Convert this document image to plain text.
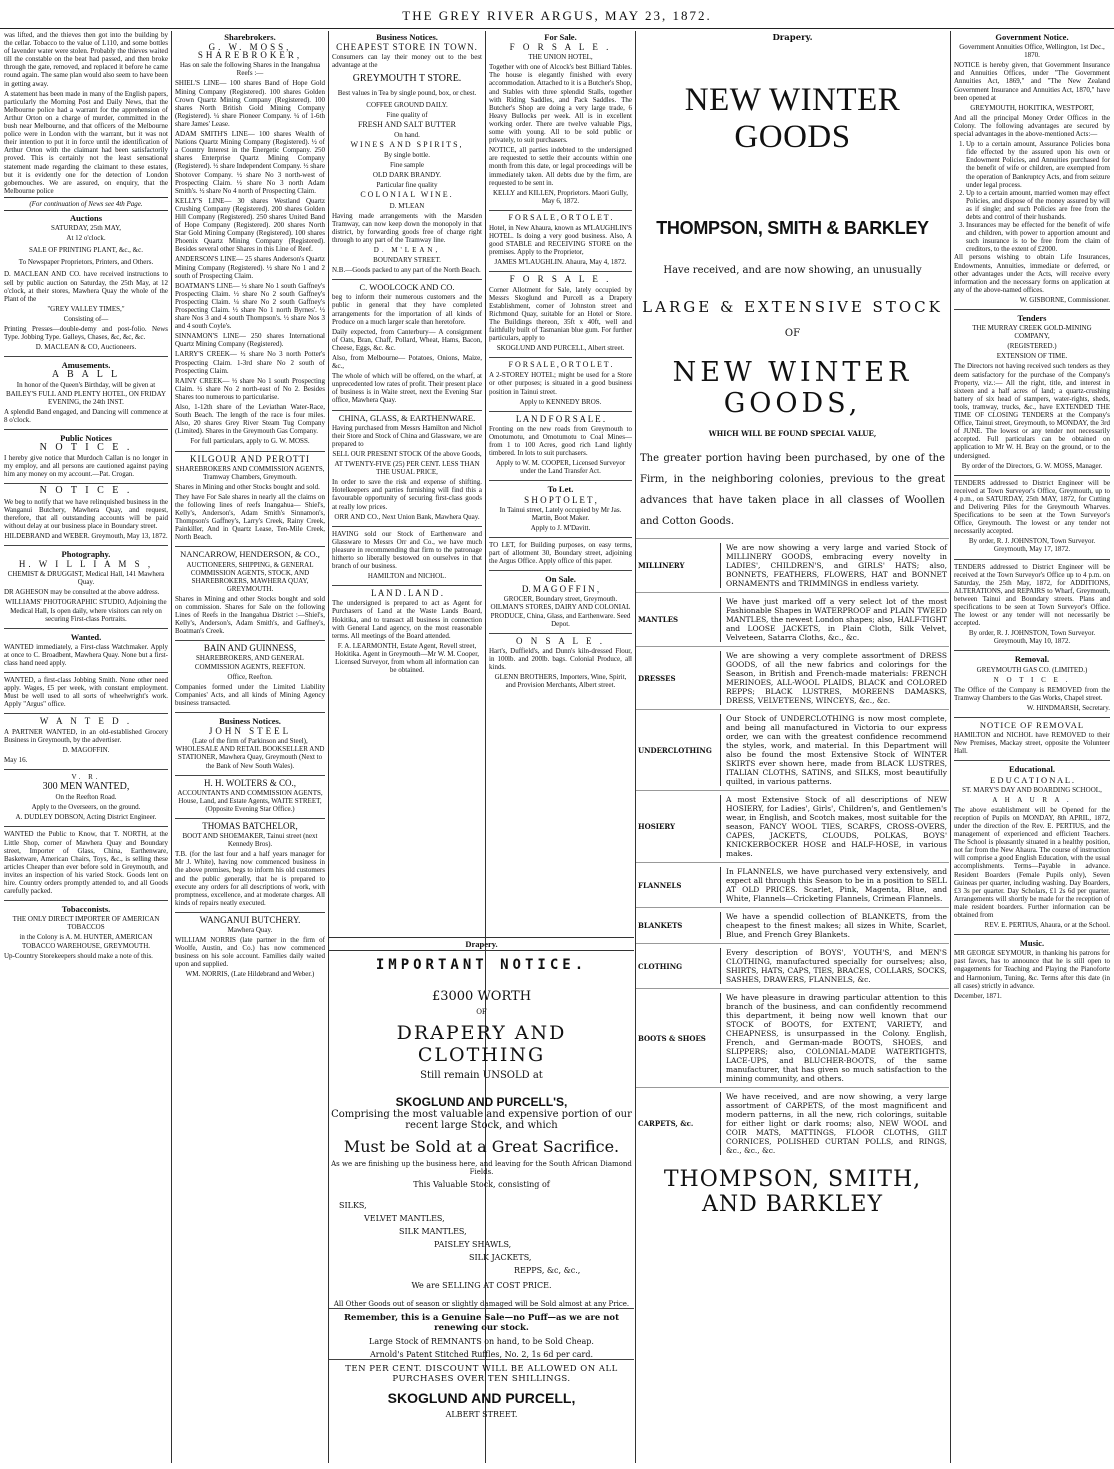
THE GREY RIVER ARGUS, MAY 23, 1872.

was lifted, and the thieves then got into the building by the cellar. Tobacco to the value of L110, and some bottles of lavender water were stolen. Probably the thieves waited till the constable on the beat had passed, and then broke through the gate, removed, and replaced it before he came round again. The same plan would also seem to have been in getting away.

A statement has been made in many of the English papers, particularly the Morning Post and Daily News, that the Melbourne police had a warrant for the apprehension of Arthur Orton on a charge of murder, committed in the bush near Melbourne, and that officers of the Melbourne police were in London with the warrant, but it was not their intention to put it in force until the identification of Arthur Orton with the claimant had been satisfactorily proved. This is certainly not the least sensational statement made regarding the claimant to these estates, but it is evidently one for the detection of London gobemouches. We are assured, on enquiry, that the Melbourne police

(For continuation of News see 4th Page.

Auctions

SATURDAY, 25th MAY,

At 12 o'clock.

SALE OF PRINTING PLANT, &c., &c.

To Newspaper Proprietors, Printers, and Others.

D. MACLEAN AND CO. have received instructions to sell by public auction on Saturday, the 25th May, at 12 o'clock, at their stores, Mawhera Quay the whole of the Plant of the

"GREY VALLEY TIMES,"

Consisting of—

Printing Presses—double-demy and post-folio. News Type. Jobbing Type. Galleys, Chases, &c, &c, &c.

D. MACLEAN & CO, Auctioneers.

Amusements.

A B A L L

In honor of the Queen's Birthday, will be given at BAILEY'S FULL AND PLENTY HOTEL, ON FRIDAY EVENING, the 24th INST.

A splendid Band engaged, and Dancing will commence at 8 o'clock.

Public Notices

N O T I C E .

I hereby give notice that Murdoch Callan is no longer in my employ, and all persons are cautioned against paying him any money on my account.—Pat. Crogan.

N O T I C E .

We beg to notify that we have relinquished business in the Wanganui Butchery, Mawhera Quay, and request, therefore, that all outstanding accounts will be paid without delay at our business place in Boundary street.

HILDEBRAND and WEBER. Greymouth, May 13, 1872.

Photography.

H. W I L L I A M S ,

CHEMIST & DRUGGIST, Medical Hall, 141 Mawhera Quay.

DR AGHESON may be consulted at the above address.

WILLIAMS' PHOTOGRAPHIC STUDIO, Adjoining the Medical Hall, Is open daily, where visitors can rely on securing First-class Portraits.

Wanted.

WANTED immediately, a First-class Watchmaker. Apply at once to C. Broadbent, Mawhera Quay. None but a first-class hand need apply.

WANTED, a first-class Jobbing Smith. None other need apply. Wages, £5 per week, with constant employment. Must be well used to all sorts of wheelwright's work. Apply "Argus" office.

W A N T E D .

A PARTNER WANTED, in an old-established Grocery Business in Greymouth, by the advertiser.

D. MAGOFFIN.

May 16.

V. R.

300 MEN WANTED,

On the Reefton Road.

Apply to the Overseers, on the ground.

A. DUDLEY DOBSON, Acting District Engineer.

WANTED the Public to Know, that T. NORTH, at the Little Shop, corner of Mawhera Quay and Boundary street, Importer of Glass, China, Earthenware, Basketware, American Chairs, Toys, &c., is selling these articles Cheaper than ever before sold in Greymouth, and invites an inspection of his varied Stock. Goods lent on hire. Country orders promptly attended to, and all Goods carefully packed.

Tobacconists.

THE ONLY DIRECT IMPORTER OF AMERICAN TOBACCOS

in the Colony is A. M. HUNTER, AMERICAN TOBACCO WAREHOUSE, GREYMOUTH.

Up-Country Storekeepers should make a note of this.

Sharebrokers.

G. W. MOSS, SHAREBROKER,

Has on sale the following Shares in the Inangahua Reefs :—

SHIEL'S LINE— 100 shares Band of Hope Gold Mining Company (Registered). 100 shares Golden Crown Quartz Mining Company (Registered). 100 shares North British Gold Mining Company (Registered). ¼ share Pioneer Company. ¼ of 1-6th share James' Lease.

ADAM SMITH'S LINE— 100 shares Wealth of Nations Quartz Mining Company (Registered). ½ of a Country Interest in the Energetic Company. 250 shares Enterprise Quartz Mining Company (Registered). ½ share Independent Company. ½ share Shotover Company. ½ share No 3 north-west of Prospecting Claim. ½ share No 3 north Adam Smith's. ½ share No 4 north of Prospecting Claim.

KELLY'S LINE— 30 shares Westland Quartz Crushing Company (Registered). 200 shares Golden Hill Company (Registered). 250 shares United Band of Hope Company (Registered). 200 shares North Star Gold Mining Company (Registered). 100 shares Phoenix Quartz Mining Company (Registered). Besides several other Shares in this Line of Reef.

ANDERSON'S LINE— 25 shares Anderson's Quartz Mining Company (Registered). ½ share No 1 and 2 south of Prospecting Claim.

BOATMAN'S LINE— ½ share No 1 south Gaffney's Prospecting Claim. ½ share No 2 south Gaffney's Prospecting Claim. ¼ share No 2 south Gaffney's Prospecting Claim. ½ share No 1 north Byrnes'. ½ share Nos 3 and 4 south Thompson's. ½ share Nos 3 and 4 south Coyle's.

SINNAMON'S LINE— 250 shares International Quartz Mining Company (Registered).

LARRY'S CREEK— ½ share No 3 north Potter's Prospecting Claim. 1-3rd share No 2 south of Prospecting Claim.

RAINY CREEK— ½ share No 1 south Prospecting Claim. ½ share No 2 north-east of No 2. Besides Shares too numerous to particularise.

Also, 1-12th share of the Leviathan Water-Race, South Beach. The length of the race is four miles. Also, 20 shares Grey River Steam Tug Company (Limited). Shares in the Greymouth Gas Company.

For full particulars, apply to G. W. MOSS.

KILGOUR AND PEROTTI

SHAREBROKERS AND COMMISSION AGENTS, Tramway Chambers, Greymouth.

Shares in Mining and other Stocks bought and sold.

They have For Sale shares in nearly all the claims on the following lines of reefs Inangahua— Shiel's, Kelly's, Anderson's, Adam Smith's Sinnamon's, Thompson's Gaffney's, Larry's Creek, Rainy Creek, Painkiller, And in Quartz Lease, Ten-Mile Creek, North Beach.

NANCARROW, HENDERSON, & CO.,

AUCTIONEERS, SHIPPING, & GENERAL COMMISSION AGENTS, STOCK, AND SHAREBROKERS, MAWHERA QUAY, GREYMOUTH.

Shares in Mining and other Stocks bought and sold on commission. Shares for Sale on the following Lines of Reefs in the Inangahua District :—Shiel's, Kelly's, Anderson's, Adam Smith's, and Gaffney's, Boatman's Creek.

BAIN AND GUINNESS,

SHAREBROKERS, AND GENERAL COMMISSION AGENTS, REEFTON.

Office, Reefton.

Companies formed under the Limited Liability Companies' Acts, and all kinds of Mining Agency business transacted.

Business Notices.

JOHN STEEL

(Late of the firm of Parkinson and Steel), WHOLESALE AND RETAIL BOOKSELLER AND STATIONER, Mawhera Quay, Greymouth (Next to the Bank of New South Wales).

H. H. WOLTERS & CO.,

ACCOUNTANTS AND COMMISSION AGENTS, House, Land, and Estate Agents, WAITE STREET, (Opposite Evening Star Office.)

THOMAS BATCHELOR,

BOOT AND SHOEMAKER, Tainui street (next Kennedy Bros).

T.B. (for the last four and a half years manager for Mr J. White), having now commenced business in the above premises, begs to inform his old customers and the public generally, that he is prepared to execute any orders for all descriptions of work, with promptness, excellence, and at moderate charges. All kinds of repairs neatly executed.

WANGANUI BUTCHERY.

Mawhera Quay.

WILLIAM NORRIS (late partner in the firm of Woolfe, Austin, and Co.) has now commenced business on his sole account. Families daily waited upon and supplied.

WM. NORRIS, (Late Hildebrand and Weber.)

Business Notices.

CHEAPEST STORE IN TOWN.

Consumers can lay their money out to the best advantage at the

GREYMOUTH T STORE.

Best values in Tea by single pound, box, or chest.

COFFEE GROUND DAILY.

Fine quality of

FRESH AND SALT BUTTER

On hand.

WINES AND SPIRITS,

By single bottle.

Fine sample

OLD DARK BRANDY.

Particular fine quality

COLONIAL WINE.

D. M'LEAN

Having made arrangements with the Marsden Tramway, can now keep down the monopoly in that district, by forwarding goods free of charge right through to any part of the Tramway line.

D. M'LEAN,

BOUNDARY STREET.

N.B.—Goods packed to any part of the North Beach.

C. WOOLCOCK AND CO.

beg to inform their numerous customers and the public in general that they have completed arrangements for the importation of all kinds of Produce on a much larger scale than heretofore.

Daily expected, from Canterbury— A consignment of Oats, Bran, Chaff, Pollard, Wheat, Hams, Bacon, Cheese, Eggs, &c. &c.

Also, from Melbourne— Potatoes, Onions, Maize, &c.,

The whole of which will be offered, on the wharf, at unprecedented low rates of profit. Their present place of business is in Waite street, next the Evening Star office, Mawhera Quay.

CHINA, GLASS, & EARTHENWARE.

Having purchased from Messrs Hamilton and Nichol their Store and Stock of China and Glassware, we are prepared to

SELL OUR PRESENT STOCK Of the above Goods,

AT TWENTY-FIVE (25) PER CENT. LESS THAN THE USUAL PRICE,

In order to save the risk and expense of shifting. Hotelkeepers and parties furnishing will find this a favourable opportunity of securing first-class goods at really low prices.

ORR AND CO., Next Union Bank, Mawhera Quay.

HAVING sold our Stock of Earthenware and Glassware to Messrs Orr and Co., we have much pleasure in recommending that firm to the patronage hitherto so liberally bestowed on ourselves in that branch of our business.

HAMILTON and NICHOL.

L A N D . L A N D .

The undersigned is prepared to act as Agent for Purchasers of Land at the Waste Lands Board, Hokitika, and to transact all business in connection with General Land agency, on the most reasonable terms. All meetings of the Board attended.

F. A. LEARMONTH, Estate Agent, Revell street, Hokitika. Agent in Greymouth—Mr W. M. Cooper, Licensed Surveyor, from whom all information can be obtained.

For Sale.

F O R S A L E .

THE UNION HOTEL,

Together with one of Alcock's best Billiard Tables. The house is elegantly finished with every accommodation. Attached to it is a Butcher's Shop, and Stables with three splendid Stalls, together with Riding Saddles, and Pack Saddles. The Butcher's Shop are doing a very large trade, 6 Heavy Bullocks per week. All is in excellent working order. There are twelve valuable Pigs, some with young. All to be sold public or privately, to suit purchasers.

NOTICE, all parties indebted to the undersigned are requested to settle their accounts within one month from this date, or legal proceedings will be immediately taken. All debts due by the firm, are requested to be sent in.

KELLY and KILLEN, Proprietors. Maori Gully, May 6, 1872.

F O R S A L E , O R T O L E T .

Hotel, in New Ahaura, known as M'LAUGHLIN'S HOTEL. Is doing a very good business. Also, A good STABLE and RECEIVING STORE on the premises. Apply to the Proprietor,

JAMES M'LAUGHLIN. Ahaura, May 4, 1872.

F O R S A L E .

Corner Allotment for Sale, lately occupied by Messrs Skoglund and Purcell as a Drapery Establishment, corner of Johnston street and Richmond Quay, suitable for an Hotel or Store. The Buildings thereon, 35ft x 40ft, well and faithfully built of Tasmanian blue gum. For further particulars, apply to

SKOGLUND AND PURCELL, Albert street.

F O R S A L E , O R T O L E T .

A 2-STOREY HOTEL; might be used for a Store or other purposes; is situated in a good business position in Tainui street.

Apply to KENNEDY BROS.

L A N D F O R S A L E .

Fronting on the new roads from Greymouth to Omotumotu, and Omotumotu to Coal Mines—from 1 to 100 Acres, good rich Land lightly timbered. In lots to suit purchasers.

Apply to W. M. COOPER, Licensed Surveyor under the Land Transfer Act.

To Let.

S H O P T O L E T ,

In Tainui street, Lately occupied by Mr Jas. Martin, Boot Maker.

Apply to J. M'Davitt.

TO LET, for Building purposes, on easy terms, part of allotment 30, Boundary street, adjoining the Argus Office. Apply office of this paper.

On Sale.

D. M A G O F F I N ,

GROCER, Boundary street, Greymouth. OILMAN'S STORES, DAIRY AND COLONIAL PRODUCE, China, Glass, and Earthenware. Seed Depot.

O N S A L E .

Hart's, Duffield's, and Dunn's kiln-dressed Flour, in 100lb. and 200lb. bags. Colonial Produce, all kinds.

GLENN BROTHERS, Importers, Wine, Spirit, and Provision Merchants, Albert street.

Drapery.
IMPORTANT NOTICE.
£3000 WORTH
OF
DRAPERY AND CLOTHING
Still remain UNSOLD at
SKOGLUND AND PURCELL'S,
Comprising the most valuable and expensive portion of our recent large Stock, and which
Must be Sold at a Great Sacrifice.
As we are finishing up the business here, and leaving for the South African Diamond Fields.
This Valuable Stock, consisting of
SILKS,
VELVET MANTLES,
SILK MANTLES,
PAISLEY SHAWLS,
SILK JACKETS,
REPPS, &c, &c.,
We are SELLING AT COST PRICE.
All Other Goods out of season or slightly damaged will be Sold almost at any Price.
Remember, this is a Genuine Sale—no Puff—as we are not renewing our stock.
Large Stock of REMNANTS on hand, to be Sold Cheap.
Arnold's Patent Stitched Ruffles, No. 2, 1s 6d per card.
TEN PER CENT. DISCOUNT WILL BE ALLOWED ON ALL PURCHASES OVER TEN SHILLINGS.
SKOGLUND AND PURCELL,
ALBERT STREET.
Drapery.
NEW WINTER GOODS
THOMPSON, SMITH & BARKLEY
Have received, and are now showing, an unusually
LARGE & EXTENSIVE STOCK
OF
NEW WINTER GOODS,
WHICH WILL BE FOUND SPECIAL VALUE,
The greater portion having been purchased, by one of the Firm, in the neighboring colonies, previous to the great advances that have taken place in all classes of Woollen and Cotton Goods.
MILLINERY
We are now showing a very large and varied Stock of MILLINERY GOODS, embracing every novelty in LADIES', CHILDREN'S, and GIRLS' HATS; also, BONNETS, FEATHERS, FLOWERS, HAT and BONNET ORNAMENTS and TRIMMINGS in endless variety.
MANTLES
We have just marked off a very select lot of the most Fashionable Shapes in WATERPROOF and PLAIN TWEED MANTLES, the newest London shapes; also, HALF-TIGHT and LOOSE JACKETS, in Plain Cloth, Silk Velvet, Velveteen, Satarra Cloths, &c., &c.
DRESSES
We are showing a very complete assortment of DRESS GOODS, of all the new fabrics and colorings for the Season, in British and French-made materials: FRENCH MERINOES, ALL-WOOL PLAIDS, BLACK and COLORED REPPS; BLACK LUSTRES, MOREENS DAMASKS, DRESS, VELVETEENS, WINCEYS, &c., &c.
UNDERCLOTHING
Our Stock of UNDERCLOTHING is now most complete, and being all manufactured in Victoria to our express order, we can with the greatest confidence recommend the styles, work, and material. In this Department will also be found the most Extensive Stock of WINTER SKIRTS ever shown here, made from BLACK LUSTRES, ITALIAN CLOTHS, SATINS, and SILKS, most beautifully quilted, in various patterns.
HOSIERY
A most Extensive Stock of all descriptions of NEW HOSIERY, for Ladies', Girls', Children's, and Gentlemen's wear, in English, and Scotch makes, most suitable for the season, FANCY WOOL TIES, SCARFS, CROSS-OVERS, CAPES, JACKETS, CLOUDS, POLKAS, BOYS' KNICKERBOCKER HOSE and HALF-HOSE, in various makes.
FLANNELS
In FLANNELS, we have purchased very extensively, and expect all through this Season to be in a position to SELL AT OLD PRICES. Scarlet, Pink, Magenta, Blue, and White, Flannels—Cricketing Flannels, Crimean Flannels.
BLANKETS
We have a spendid collection of BLANKETS, from the cheapest to the finest makes; all sizes in White, Scarlet, Blue, and French Grey Blankets.
CLOTHING
Every description of BOYS', YOUTH'S, and MEN'S CLOTHING, manufactured specially for ourselves; also, SHIRTS, HATS, CAPS, TIES, BRACES, COLLARS, SOCKS, SASHES, DRAWERS, FLANNELS, &c.
BOOTS & SHOES
We have pleasure in drawing particular attention to this branch of the business, and can confidently recommend this department, it being now well known that our STOCK of BOOTS, for EXTENT, VARIETY, and CHEAPNESS, is unsurpassed in the Colony. English, French, and German-made BOOTS, SHOES, and SLIPPERS; also, COLONIAL-MADE WATERTIGHTS, LACE-UPS, and BLUCHER-BOOTS, of the same manufacturer, that has given so much satisfaction to the mining community, and others.
CARPETS, &c.
We have received, and are now showing, a very large assortment of CARPETS, of the most magnificent and modern patterns, in all the new, rich colorings, suitable for either light or dark rooms; also, NEW WOOL and COIR MATS, MATTINGS, FLOOR CLOTHS, GILT CORNICES, POLISHED CURTAN POLLS, and RINGS, &c., &c., &c.
THOMPSON, SMITH, AND BARKLEY
Government Notice.

Government Annuities Office, Wellington, 1st Dec., 1870.

NOTICE is hereby given, that Government Insurance and Annuities Offices, under "The Government Annuities Act, 1869," and "The New Zealand Government Insurance and Annuities Act, 1870," have been opened at

GREYMOUTH, HOKITIKA, WESTPORT,

And all the principal Money Order Offices in the Colony. The following advantages are secured by special advantages in the above-mentioned Acts:—

1. Up to a certain amount, Assurance Policies bona fide effected by the assured upon his own or Endowment Policies, and Annuities purchased for the benefit of wife or children, are exempted from the operation of Bankruptcy Acts, and from seizure under legal process.
2. Up to a certain amount, married women may effect Policies, and dispose of the money assured by will as if single; and such Policies are free from the debts and control of their husbands.
3. Insurances may be effected for the benefit of wife and children, with power to apportion amount and such insurance is to be free from the claim of creditors, to the extent of £2000.

All persons wishing to obtain Life Insurances, Endowments, Annuities, immediate or deferred, or other advantages under the Acts, will receive every information and the necessary forms on application at any of the above-named offices.

W. GISBORNE, Commissioner.

Tenders

THE MURRAY CREEK GOLD-MINING COMPANY,

(REGISTERED.)

EXTENSION OF TIME.

The Directors not having received such tenders as they deem satisfactory for the purchase of the Company's Property, viz.:— All the right, title, and interest in sixteen and a half acres of land; a quartz-crushing battery of six head of stampers, water-rights, sheds, tools, tramway, trucks, &c., have EXTENDED THE TIME OF CLOSING TENDERS at the Company's Office, Tainui street, Greymouth, to MONDAY, the 3rd of JUNE. The lowest or any tender not necessarily accepted. Full particulars can be obtained on application to Mr W. H. Bray on the ground, or to the undersigned.

By order of the Directors, G. W. MOSS, Manager.

TENDERS addressed to District Engineer will be received at Town Surveyor's Office, Greymouth, up to 4 p.m., on SATURDAY, 25th MAY, 1872, for Cutting and Delivering Piles for the Greymouth Wharves. Specifications to be seen at the Town Surveyor's Office, Greymouth. The lowest or any tender not necessarily accepted.

By order, R. J. JOHNSTON, Town Surveyor. Greymouth, May 17, 1872.

TENDERS addressed to District Engineer will be received at the Town Surveyor's Office up to 4 p.m. on Saturday, the 25th May, 1872, for ADDITIONS, ALTERATIONS, and REPAIRS to Wharf, Greymouth, between Tainui and Boundary streets. Plans and specifications to be seen at Town Surveyor's Office. The lowest or any tender will not necessarily be accepted.

By order, R. J. JOHNSTON, Town Surveyor. Greymouth, May 10, 1872.

Removal.

GREYMOUTH GAS CO. (LIMITED.)

N O T I C E .

The Office of the Company is REMOVED from the Tramway Chambers to the Gas Works, Chapel street.

W. HINDMARSH, Secretary.

NOTICE OF REMOVAL

HAMILTON and NICHOL have REMOVED to their New Premises, Mackay street, opposite the Volunteer Hall.

Educational.

E D U C A T I O N A L .

ST. MARY'S DAY AND BOARDING SCHOOL,

A H A U R A .

The above establishment will be Opened for the reception of Pupils on MONDAY, 8th APRIL, 1872, under the direction of the Rev. E. PERTIUS, and the management of experienced and efficient Teachers. The School is pleasantly situated in a healthy position, not far from the New Ahaura. The course of instruction will comprise a good English Education, with the usual accomplishments. Terms—Payable in advance. Resident Boarders (Female Pupils only), Seven Guineas per quarter, including washing. Day Boarders, £3 3s per quarter. Day Scholars, £1 2s 6d per quarter. Arrangements will shortly be made for the reception of male resident boarders. Further information can be obtained from

REV. E. PERTIUS, Ahaura, or at the School.

Music.

MR GEORGE SEYMOUR, in thanking his patrons for past favors, has to announce that he is still open to engagements for Teaching and Playing the Pianoforte and Harmonium, Tuning, &c. Terms after this date (in all cases) strictly in advance.

December, 1871.
